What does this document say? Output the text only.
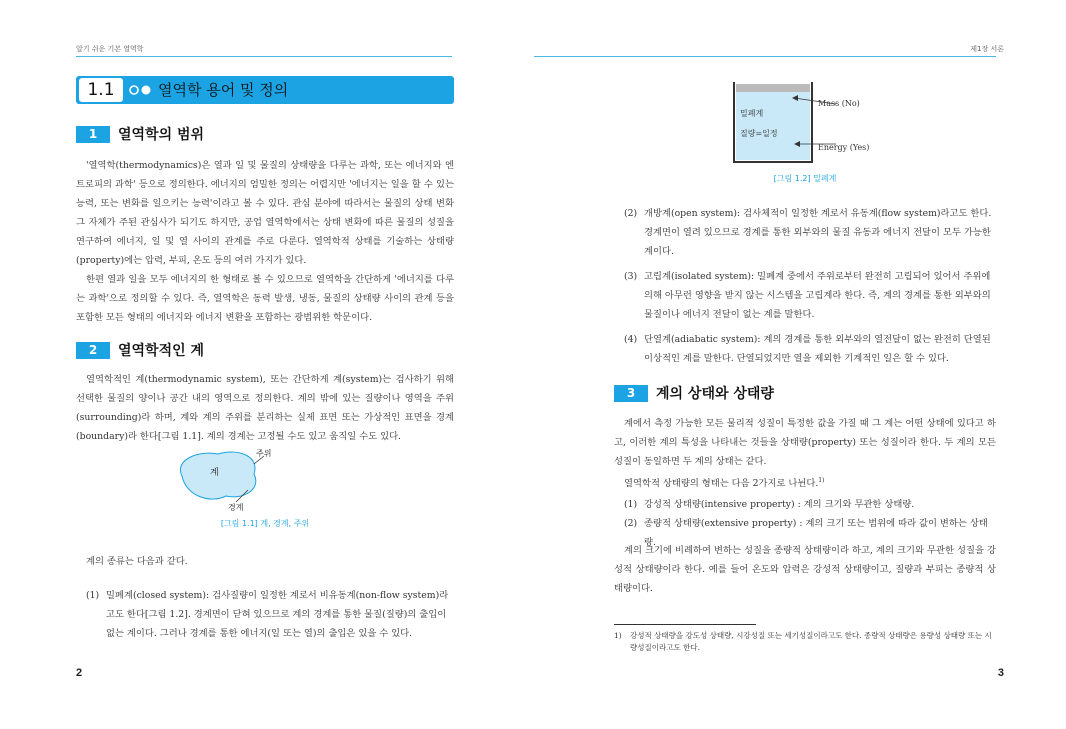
알기 쉬운 기본 열역학	제1장 서론
1.1	열역학 용어 및 정의
1	열역학의 범위

'열역학(thermodynamics)은 열과 일 및 물질의 상태량을 다루는 과학, 또는 에너지와 엔트로피의 과학' 등으로 정의한다. 에너지의 엄밀한 정의는 어렵지만 '에너지는 일을 할 수 있는 능력, 또는 변화를 일으키는 능력'이라고 볼 수 있다. 관심 분야에 따라서는 물질의 상태 변화 그 자체가 주된 관심사가 되기도 하지만, 공업 열역학에서는 상태 변화에 따른 물질의 성질을 연구하여 에너지, 일 및 열 사이의 관계를 주로 다룬다. 열역학적 상태를 기술하는 상태량(property)에는 압력, 부피, 온도 등의 여러 가지가 있다.

한편 열과 일을 모두 에너지의 한 형태로 볼 수 있으므로 열역학을 간단하게 '에너지를 다루는 과학'으로 정의할 수 있다. 즉, 열역학은 동력 발생, 냉동, 물질의 상태량 사이의 관계 등을 포함한 모든 형태의 에너지와 에너지 변환을 포함하는 광범위한 학문이다.

2	열역학적인 계

열역학적인 계(thermodynamic system), 또는 간단하게 계(system)는 검사하기 위해 선택한 물질의 양이나 공간 내의 영역으로 정의한다. 계의 밖에 있는 질량이나 영역을 주위(surrounding)라 하며, 계와 계의 주위를 분리하는 실제 표면 또는 가상적인 표면을 경계(boundary)라 한다[그림 1.1]. 계의 경계는 고정될 수도 있고 움직일 수도 있다.

주위
계
경계
[그림 1.1] 계, 경계, 주위
계의 종류는 다음과 같다.
(1) 밀폐계(closed system): 검사질량이 일정한 계로서 비유동계(non-flow system)라고도 한다[그림 1.2]. 경계면이 닫혀 있으므로 계의 경계를 통한 물질(질량)의 출입이 없는 계이다. 그러나 경계를 통한 에너지(일 또는 열)의 출입은 있을 수 있다.
2
밀폐계
질량=일정
Mass (No)
Energy (Yes)
[그림 1.2] 밀폐계
(2) 개방계(open system): 검사체적이 일정한 계로서 유동계(flow system)라고도 한다. 경계면이 열려 있으므로 경계를 통한 외부와의 물질 유동과 에너지 전달이 모두 가능한 계이다.
(3) 고립계(isolated system): 밀폐계 중에서 주위로부터 완전히 고립되어 있어서 주위에 의해 아무런 영향을 받지 않는 시스템을 고립계라 한다. 즉, 계의 경계를 통한 외부와의 물질이나 에너지 전달이 없는 계를 말한다.
(4) 단열계(adiabatic system): 계의 경계를 통한 외부와의 열전달이 없는 완전히 단열된 이상적인 계를 말한다. 단열되었지만 열을 제외한 기계적인 일은 할 수 있다.
3	계의 상태와 상태량

계에서 측정 가능한 모든 물리적 성질이 특정한 값을 가질 때 그 계는 어떤 상태에 있다고 하고, 이러한 계의 특성을 나타내는 것들을 상태량(property) 또는 성질이라 한다. 두 계의 모든 성질이 동일하면 두 계의 상태는 같다.

열역학적 상태량의 형태는 다음 2가지로 나뉜다.$^{1)}$

(1) 강성적 상태량(intensive property) : 계의 크기와 무관한 상태량.
(2) 종량적 상태량(extensive property) : 계의 크기 또는 범위에 따라 값이 변하는 상태량.

계의 크기에 비례하여 변하는 성질을 종량적 상태량이라 하고, 계의 크기와 무관한 성질을 강성적 상태량이라 한다. 예를 들어 온도와 압력은 강성적 상태량이고, 질량과 부피는 종량적 상태량이다.

1) 강성적 상태량을 강도성 상태량, 시강성질 또는 세기성질이라고도 한다. 종량적 상태량은 용량성 상태량 또는 시량성질이라고도 한다.
3
